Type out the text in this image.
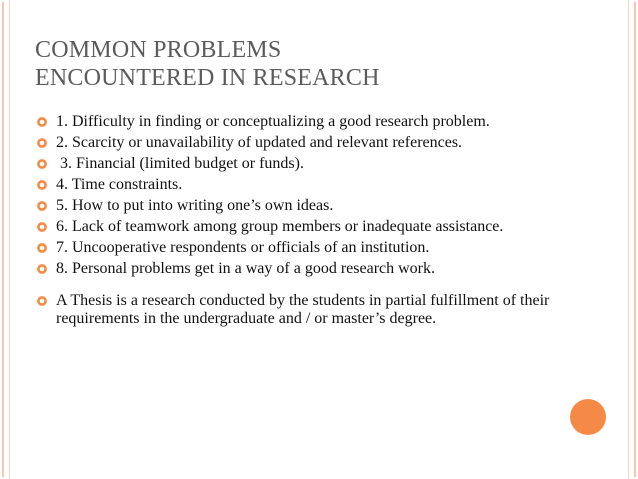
COMMON PROBLEMS
ENCOUNTERED IN RESEARCH
1. Difficulty in finding or conceptualizing a good research problem.
2. Scarcity or unavailability of updated and relevant references.
3. Financial (limited budget or funds).
4. Time constraints.
5. How to put into writing one’s own ideas.
6. Lack of teamwork among group members or inadequate assistance.
7. Uncooperative respondents or officials of an institution.
8. Personal problems get in a way of a good research work.
A Thesis is a research conducted by the students in partial fulfillment of their requirements in the undergraduate and / or master’s degree.
